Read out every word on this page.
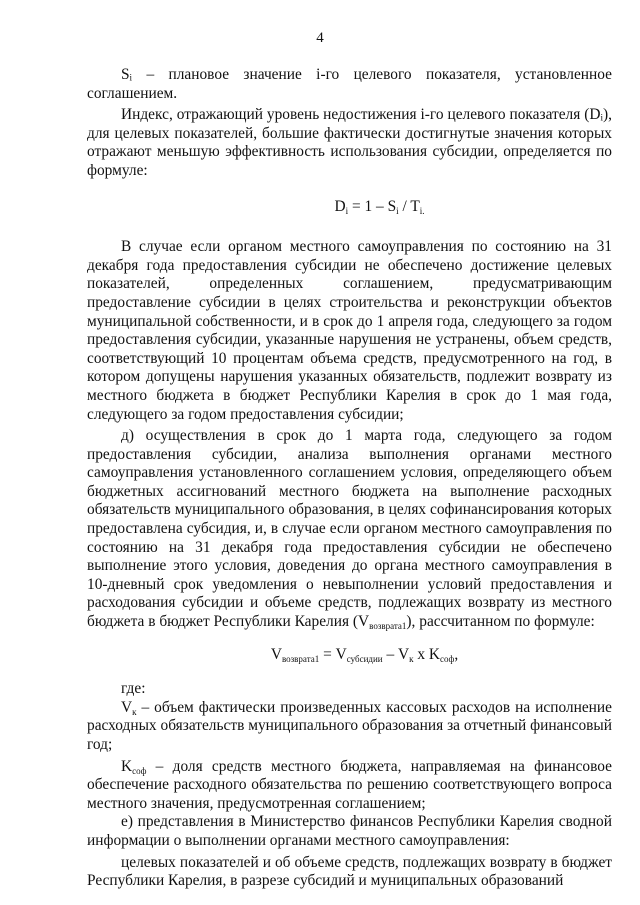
4

Sᵢ – плановое значение i-го целевого показателя, установленное соглашением.

Индекс, отражающий уровень недостижения i-го целевого показателя (Dᵢ), для целевых показателей, большие фактически достигнутые значения которых отражают меньшую эффективность использования субсидии, определяется по формуле:

$D_i = 1 - S_i / T_{i.}$

В случае если органом местного самоуправления по состоянию на 31 декабря года предоставления субсидии не обеспечено достижение целевых показателей, определенных соглашением, предусматривающим предоставление субсидии в целях строительства и реконструкции объектов муниципальной собственности, и в срок до 1 апреля года, следующего за годом предоставления субсидии, указанные нарушения не устранены, объем средств, соответствующий 10 процентам объема средств, предусмотренного на год, в котором допущены нарушения указанных обязательств, подлежит возврату из местного бюджета в бюджет Республики Карелия в срок до 1 мая года, следующего за годом предоставления субсидии;

д) осуществления в срок до 1 марта года, следующего за годом предоставления субсидии, анализа выполнения органами местного самоуправления установленного соглашением условия, определяющего объем бюджетных ассигнований местного бюджета на выполнение расходных обязательств муниципального образования, в целях софинансирования которых предоставлена субсидия, и, в случае если органом местного самоуправления по состоянию на 31 декабря года предоставления субсидии не обеспечено выполнение этого условия, доведения до органа местного самоуправления в 10-дневный срок уведомления о невыполнении условий предоставления и расходования субсидии и объеме средств, подлежащих возврату из местного бюджета в бюджет Республики Карелия $(V_{возврата1})$, рассчитанном по формуле:

$V_{возврата1} = V_{субсидии} - V_к$ x $K_{соф}$,

где:

$V_к$ – объем фактически произведенных кассовых расходов на исполнение расходных обязательств муниципального образования за отчетный финансовый год;

$K_{соф}$ – доля средств местного бюджета, направляемая на финансовое обеспечение расходного обязательства по решению соответствующего вопроса местного значения, предусмотренная соглашением;

е) представления в Министерство финансов Республики Карелия сводной информации о выполнении органами местного самоуправления:

целевых показателей и об объеме средств, подлежащих возврату в бюджет Республики Карелия, в разрезе субсидий и муниципальных образований
